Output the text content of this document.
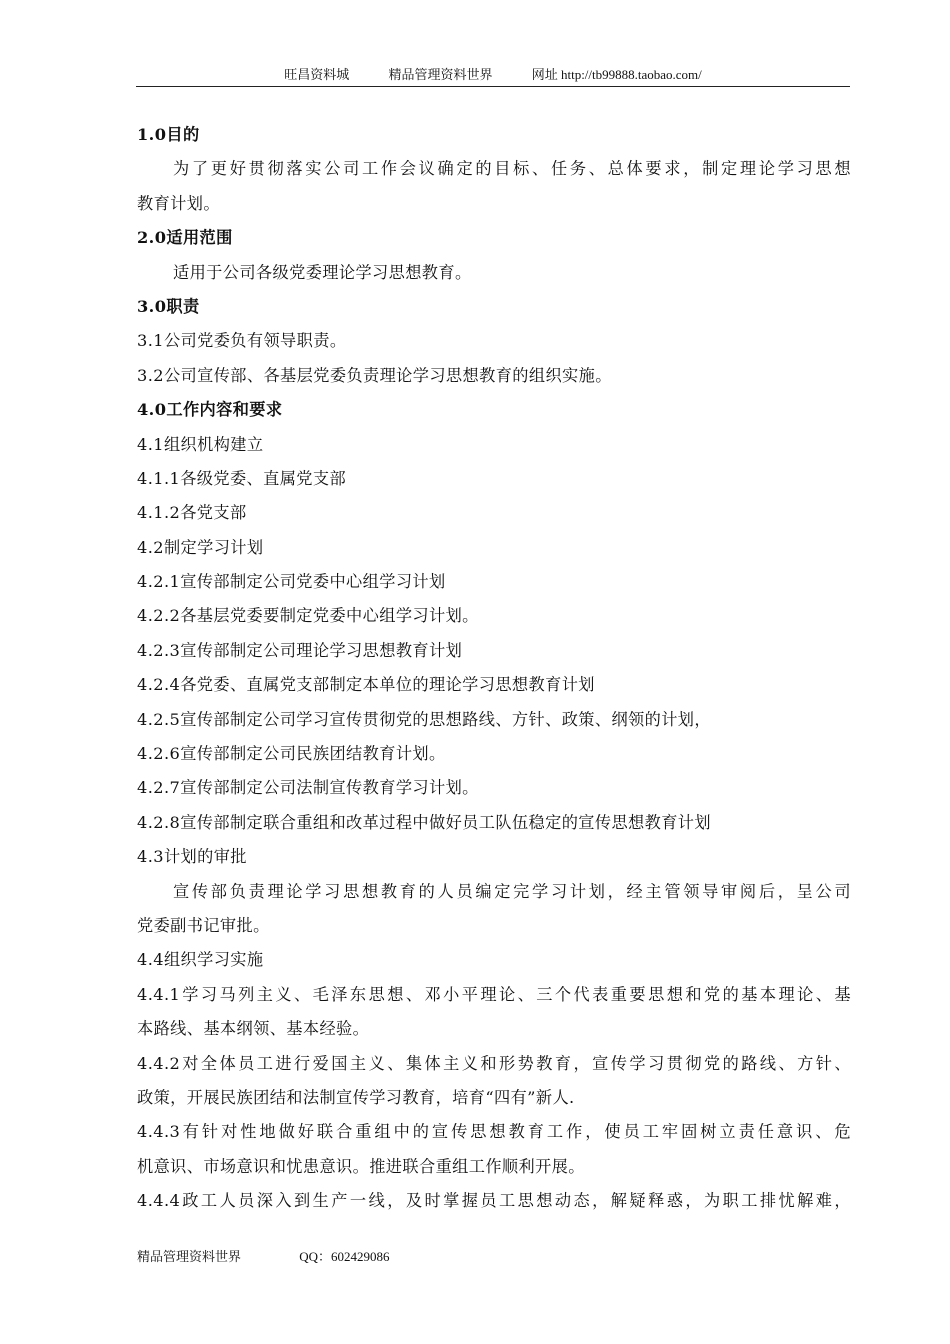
旺昌资料城	精品管理资料世界	网址 http://tb99888.taobao.com/
1.0目的
为了更好贯彻落实公司工作会议确定的目标、任务、总体要求，制定理论学习思想
教育计划。
2.0适用范围
适用于公司各级党委理论学习思想教育。
3.0职责
3.1公司党委负有领导职责。
3.2公司宣传部、各基层党委负责理论学习思想教育的组织实施。
4.0工作内容和要求
4.1组织机构建立
4.1.1各级党委、直属党支部
4.1.2各党支部
4.2制定学习计划
4.2.1宣传部制定公司党委中心组学习计划
4.2.2各基层党委要制定党委中心组学习计划。
4.2.3宣传部制定公司理论学习思想教育计划
4.2.4各党委、直属党支部制定本单位的理论学习思想教育计划
4.2.5宣传部制定公司学习宣传贯彻党的思想路线、方针、政策、纲领的计划，
4.2.6宣传部制定公司民族团结教育计划。
4.2.7宣传部制定公司法制宣传教育学习计划。
4.2.8宣传部制定联合重组和改革过程中做好员工队伍稳定的宣传思想教育计划
4.3计划的审批
宣传部负责理论学习思想教育的人员编定完学习计划，经主管领导审阅后，呈公司
党委副书记审批。
4.4组织学习实施
4.4.1学习马列主义、毛泽东思想、邓小平理论、三个代表重要思想和党的基本理论、基
本路线、基本纲领、基本经验。
4.4.2对全体员工进行爱国主义、集体主义和形势教育，宣传学习贯彻党的路线、方针、
政策，开展民族团结和法制宣传学习教育，培育“四有”新人.
4.4.3有针对性地做好联合重组中的宣传思想教育工作，使员工牢固树立责任意识、危
机意识、市场意识和忧患意识。推进联合重组工作顺利开展。
4.4.4政工人员深入到生产一线，及时掌握员工思想动态，解疑释惑，为职工排忧解难，
精品管理资料世界	QQ：602429086
